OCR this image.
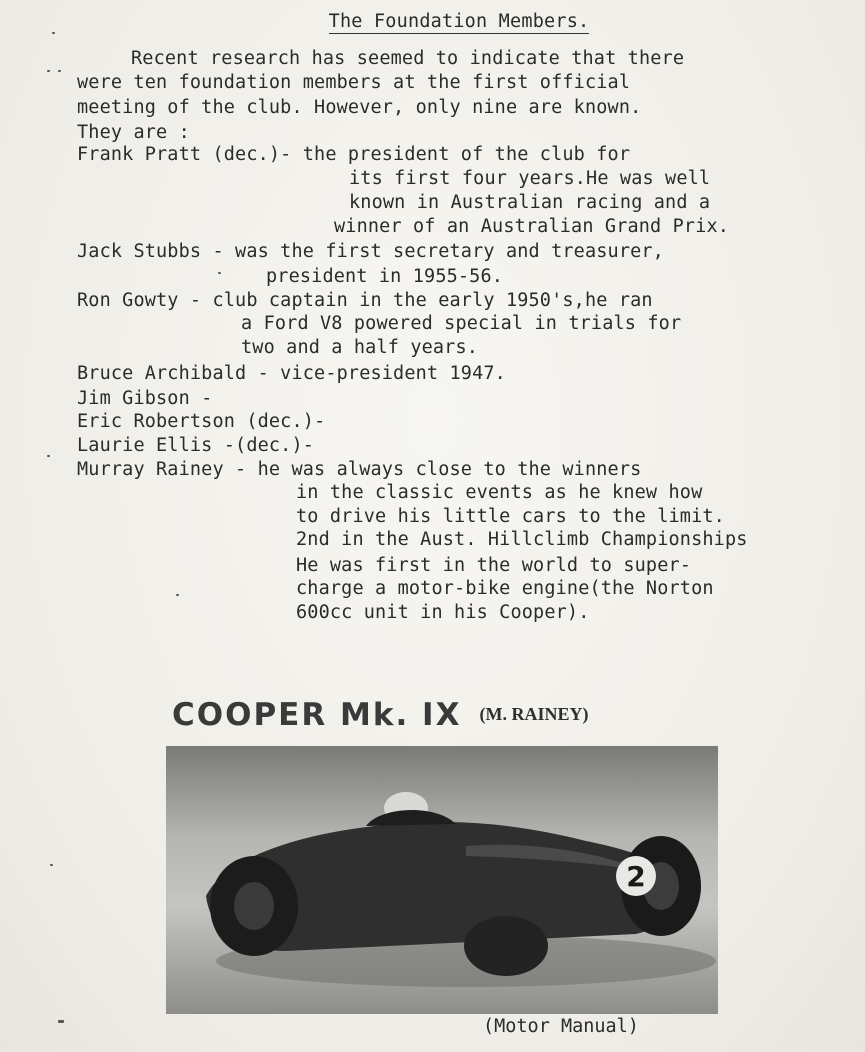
The Foundation Members.
Recent research has seemed to indicate that there
were ten foundation members at the first official
meeting of the club. However, only nine are known.
They are :
Frank Pratt (dec.)- the president of the club for
its first four years.He was well
known in Australian racing and a
winner of an Australian Grand Prix.
Jack Stubbs - was the first secretary and treasurer,
president in 1955-56.
Ron Gowty - club captain in the early 1950's,he ran
a Ford V8 powered special in trials for
two and a half years.
Bruce Archibald - vice-president 1947.
Jim Gibson -
Eric Robertson (dec.)-
Laurie Ellis -(dec.)-
Murray Rainey - he was always close to the winners
in the classic events as he knew how
to drive his little cars to the limit.
2nd in the Aust. Hillclimb Championships
He was first in the world to super-
charge a motor-bike engine(the Norton
600cc unit in his Cooper).
COOPER Mk. IX (M. RAINEY)
2
(Motor Manual)
